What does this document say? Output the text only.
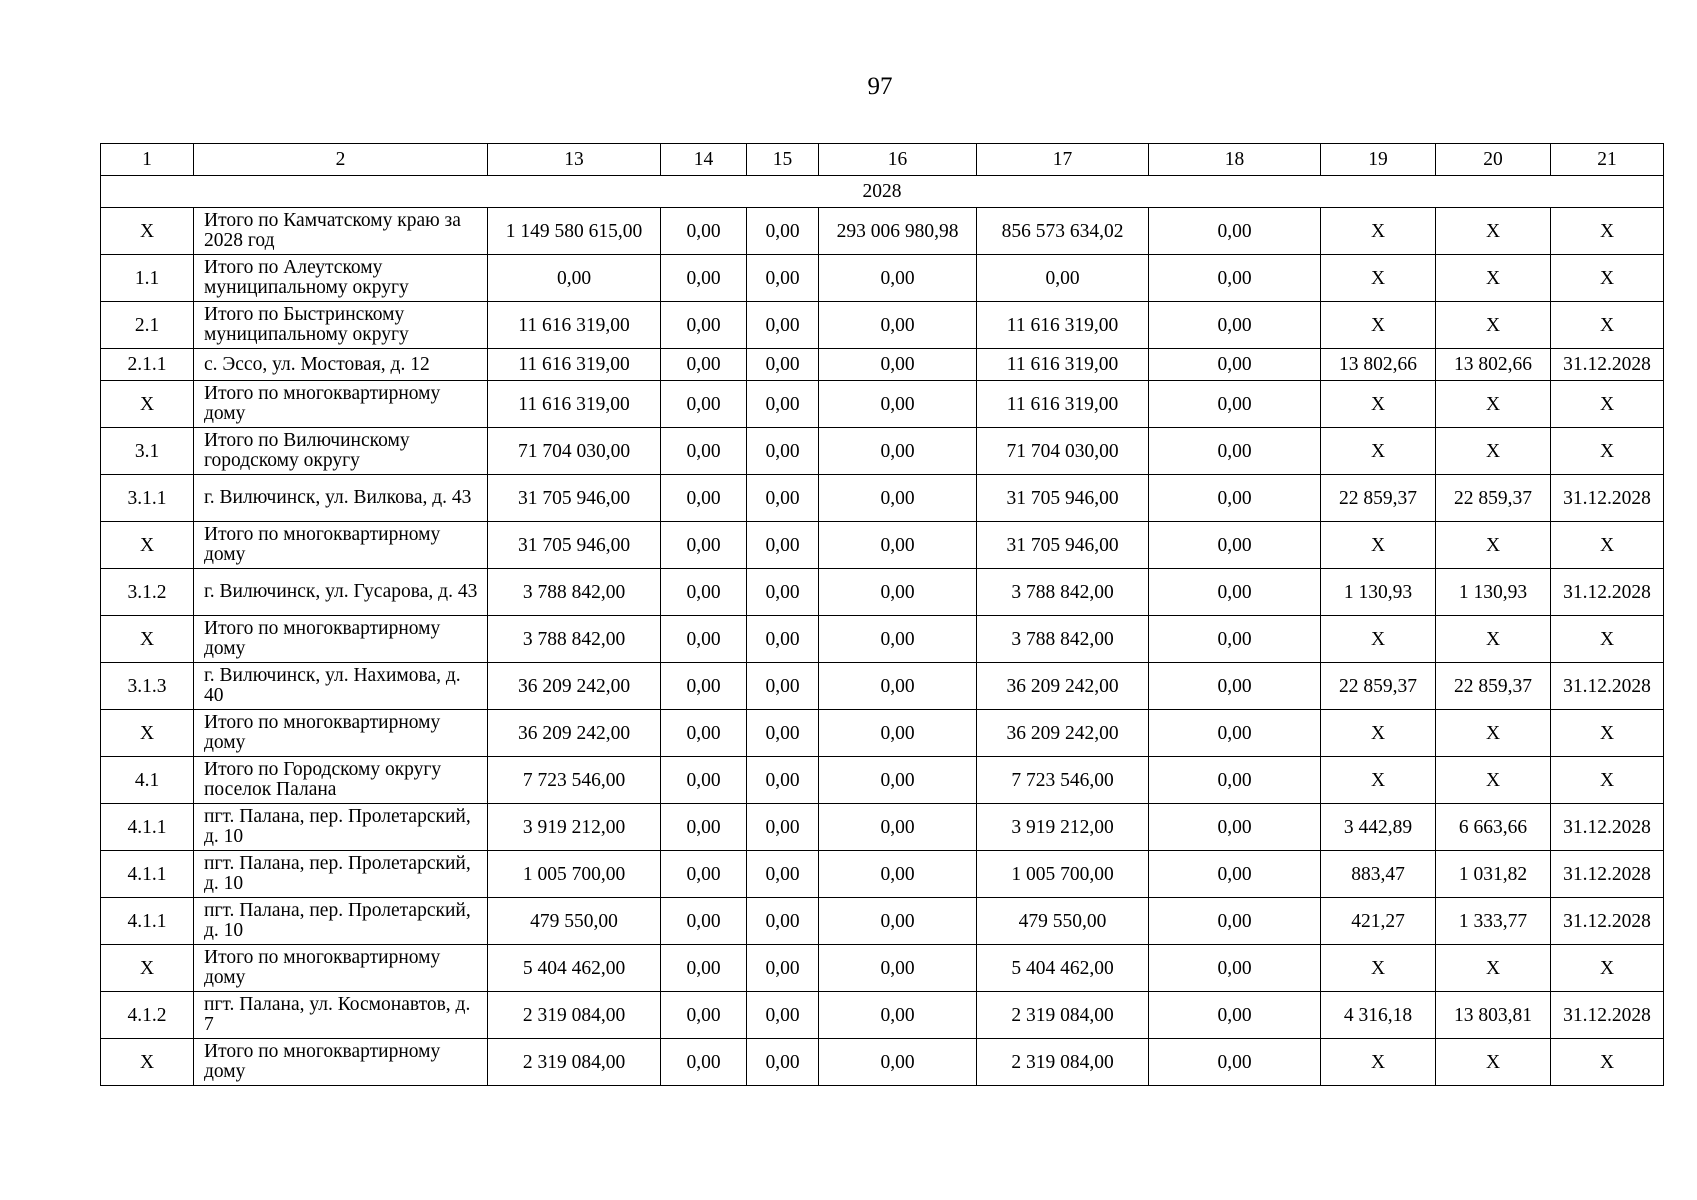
97
1	2	13	14	15	16	17	18	19	20	21
2028										
X	Итого по Камчатскому краю за 2028 год	1 149 580 615,00	0,00	0,00	293 006 980,98	856 573 634,02	0,00	X	X	X
1.1	Итого по Алеутскому муниципальному округу	0,00	0,00	0,00	0,00	0,00	0,00	X	X	X
2.1	Итого по Быстринскому муниципальному округу	11 616 319,00	0,00	0,00	0,00	11 616 319,00	0,00	X	X	X
2.1.1	с. Эссо, ул. Мостовая, д. 12	11 616 319,00	0,00	0,00	0,00	11 616 319,00	0,00	13 802,66	13 802,66	31.12.2028
X	Итого по многоквартирному дому	11 616 319,00	0,00	0,00	0,00	11 616 319,00	0,00	X	X	X
3.1	Итого по Вилючинскому городскому округу	71 704 030,00	0,00	0,00	0,00	71 704 030,00	0,00	X	X	X
3.1.1	г. Вилючинск, ул. Вилкова, д. 43	31 705 946,00	0,00	0,00	0,00	31 705 946,00	0,00	22 859,37	22 859,37	31.12.2028
X	Итого по многоквартирному дому	31 705 946,00	0,00	0,00	0,00	31 705 946,00	0,00	X	X	X
3.1.2	г. Вилючинск, ул. Гусарова, д. 43	3 788 842,00	0,00	0,00	0,00	3 788 842,00	0,00	1 130,93	1 130,93	31.12.2028
X	Итого по многоквартирному дому	3 788 842,00	0,00	0,00	0,00	3 788 842,00	0,00	X	X	X
3.1.3	г. Вилючинск, ул. Нахимова, д. 40	36 209 242,00	0,00	0,00	0,00	36 209 242,00	0,00	22 859,37	22 859,37	31.12.2028
X	Итого по многоквартирному дому	36 209 242,00	0,00	0,00	0,00	36 209 242,00	0,00	X	X	X
4.1	Итого по Городскому округу поселок Палана	7 723 546,00	0,00	0,00	0,00	7 723 546,00	0,00	X	X	X
4.1.1	пгт. Палана, пер. Пролетарский, д. 10	3 919 212,00	0,00	0,00	0,00	3 919 212,00	0,00	3 442,89	6 663,66	31.12.2028
4.1.1	пгт. Палана, пер. Пролетарский, д. 10	1 005 700,00	0,00	0,00	0,00	1 005 700,00	0,00	883,47	1 031,82	31.12.2028
4.1.1	пгт. Палана, пер. Пролетарский, д. 10	479 550,00	0,00	0,00	0,00	479 550,00	0,00	421,27	1 333,77	31.12.2028
X	Итого по многоквартирному дому	5 404 462,00	0,00	0,00	0,00	5 404 462,00	0,00	X	X	X
4.1.2	пгт. Палана, ул. Космонавтов, д. 7	2 319 084,00	0,00	0,00	0,00	2 319 084,00	0,00	4 316,18	13 803,81	31.12.2028
X	Итого по многоквартирному дому	2 319 084,00	0,00	0,00	0,00	2 319 084,00	0,00	X	X	X
